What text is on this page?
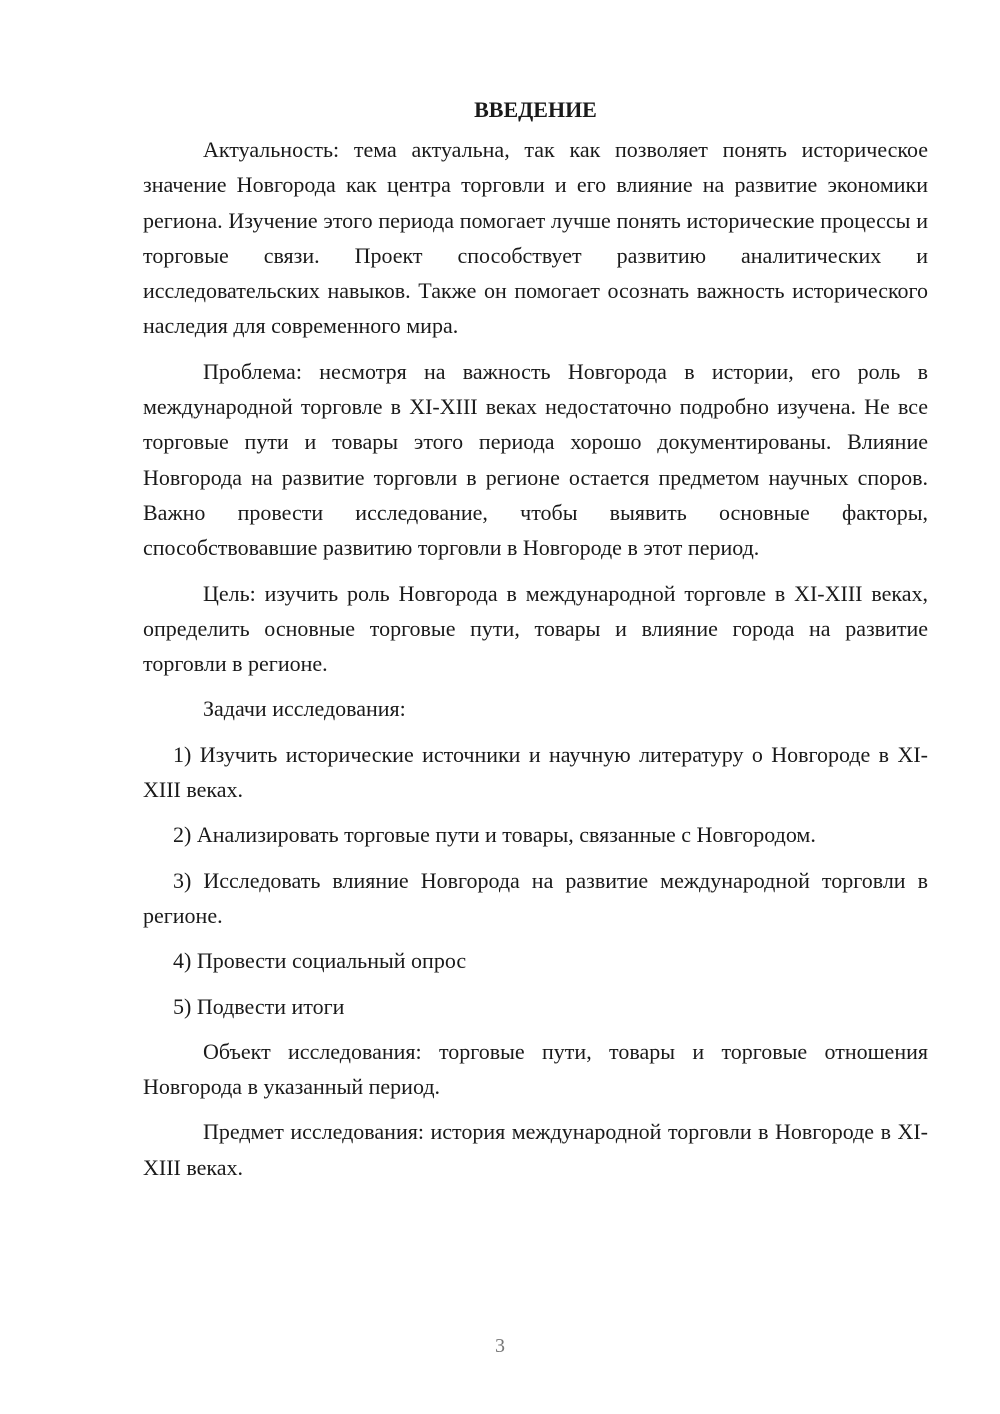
ВВЕДЕНИЕ

Актуальность: тема актуальна, так как позволяет понять историческое значение Новгорода как центра торговли и его влияние на развитие экономики региона. Изучение этого периода помогает лучше понять исторические процессы и торговые связи. Проект способствует развитию аналитических и исследовательских навыков. Также он помогает осознать важность исторического наследия для современного мира.

Проблема: несмотря на важность Новгорода в истории, его роль в международной торговле в XI-XIII веках недостаточно подробно изучена. Не все торговые пути и товары этого периода хорошо документированы. Влияние Новгорода на развитие торговли в регионе остается предметом научных споров. Важно провести исследование, чтобы выявить основные факторы, способствовавшие развитию торговли в Новгороде в этот период.

Цель: изучить роль Новгорода в международной торговле в XI-XIII веках, определить основные торговые пути, товары и влияние города на развитие торговли в регионе.

Задачи исследования:

1) Изучить исторические источники и научную литературу о Новгороде в XI-XIII веках.

2) Анализировать торговые пути и товары, связанные с Новгородом.

3) Исследовать влияние Новгорода на развитие международной торговли в регионе.

4) Провести социальный опрос

5) Подвести итоги

Объект исследования: торговые пути, товары и торговые отношения Новгорода в указанный период.

Предмет исследования: история международной торговли в Новгороде в XI-XIII веках.

3
